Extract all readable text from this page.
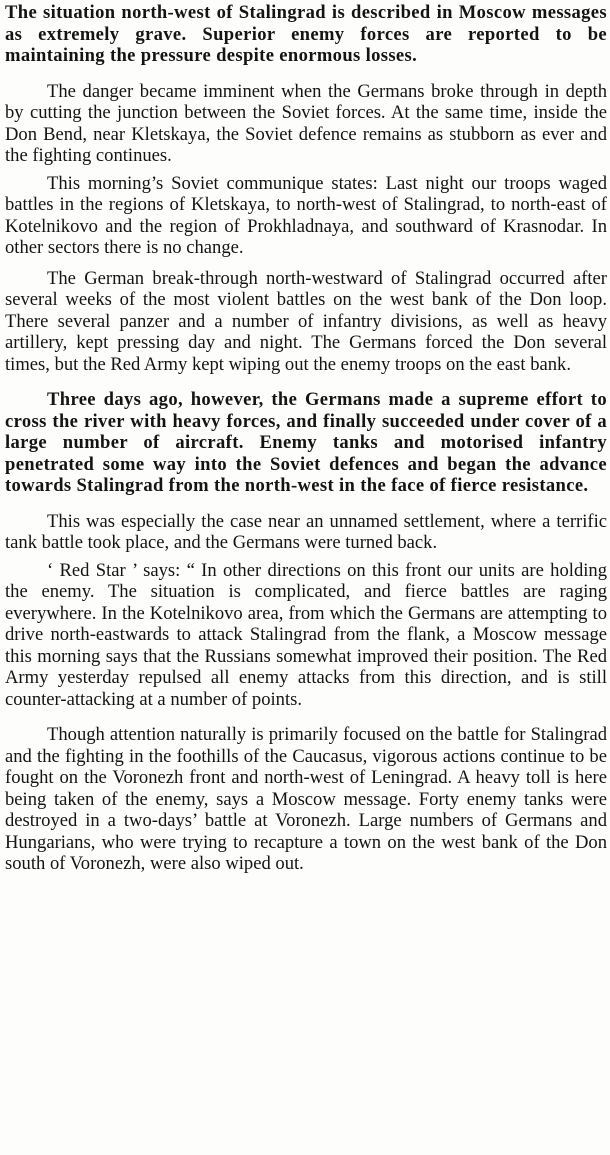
The situation north-west of Stalingrad is described in Moscow messages as extremely grave. Superior enemy forces are reported to be maintaining the pressure despite enormous losses.

The danger became imminent when the Germans broke through in depth by cutting the junction between the Soviet forces. At the same time, inside the Don Bend, near Kletskaya, the Soviet defence remains as stubborn as ever and the fighting continues.

This morning’s Soviet communique states: Last night our troops waged battles in the regions of Kletskaya, to north-west of Stalingrad, to north-east of Kotelnikovo and the region of Prokhladnaya, and southward of Krasnodar. In other sectors there is no change.

The German break-through north-westward of Stalingrad occurred after several weeks of the most violent battles on the west bank of the Don loop. There several panzer and a number of infantry divisions, as well as heavy artillery, kept pressing day and night. The Germans forced the Don several times, but the Red Army kept wiping out the enemy troops on the east bank.

Three days ago, however, the Germans made a supreme effort to cross the river with heavy forces, and finally succeeded under cover of a large number of aircraft. Enemy tanks and motorised infantry penetrated some way into the Soviet defences and began the advance towards Stalingrad from the north-west in the face of fierce resistance.

This was especially the case near an unnamed settlement, where a terrific tank battle took place, and the Germans were turned back.

‘ Red Star ’ says: “ In other directions on this front our units are holding the enemy. The situation is complicated, and fierce battles are raging everywhere. In the Kotelnikovo area, from which the Germans are attempting to drive north-eastwards to attack Stalingrad from the flank, a Moscow message this morning says that the Russians somewhat improved their position. The Red Army yesterday repulsed all enemy attacks from this direction, and is still counter-attacking at a number of points.

Though attention naturally is primarily focused on the battle for Stalingrad and the fighting in the foothills of the Caucasus, vigorous actions continue to be fought on the Voronezh front and north-west of Leningrad. A heavy toll is here being taken of the enemy, says a Moscow message. Forty enemy tanks were destroyed in a two-days’ battle at Voronezh. Large numbers of Germans and Hungarians, who were trying to recapture a town on the west bank of the Don south of Voronezh, were also wiped out.
